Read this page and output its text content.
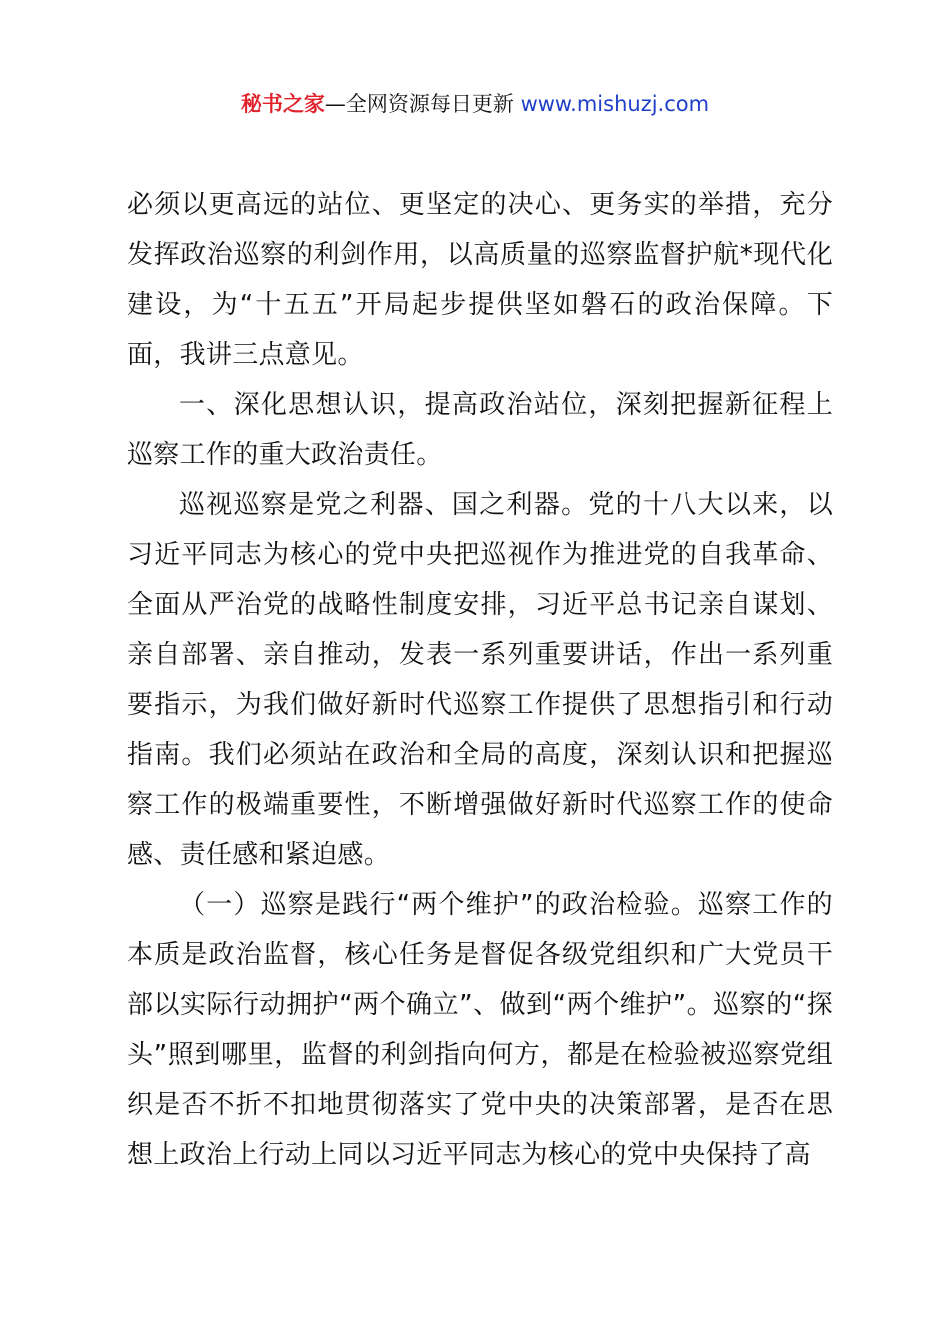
秘书之家—全网资源每日更新 www.mishuzj.com

必须以更高远的站位、更坚定的决心、更务实的举措，充分发挥政治巡察的利剑作用，以高质量的巡察监督护航*现代化建设，为“十五五”开局起步提供坚如磐石的政治保障。下面，我讲三点意见。

一、深化思想认识，提高政治站位，深刻把握新征程上巡察工作的重大政治责任。

巡视巡察是党之利器、国之利器。党的十八大以来，以习近平同志为核心的党中央把巡视作为推进党的自我革命、全面从严治党的战略性制度安排，习近平总书记亲自谋划、亲自部署、亲自推动，发表一系列重要讲话，作出一系列重要指示，为我们做好新时代巡察工作提供了思想指引和行动指南。我们必须站在政治和全局的高度，深刻认识和把握巡察工作的极端重要性，不断增强做好新时代巡察工作的使命感、责任感和紧迫感。

（一）巡察是践行“两个维护”的政治检验。巡察工作的本质是政治监督，核心任务是督促各级党组织和广大党员干部以实际行动拥护“两个确立”、做到“两个维护”。巡察的“探头”照到哪里，监督的利剑指向何方，都是在检验被巡察党组织是否不折不扣地贯彻落实了党中央的决策部署，是否在思想上政治上行动上同以习近平同志为核心的党中央保持了高
